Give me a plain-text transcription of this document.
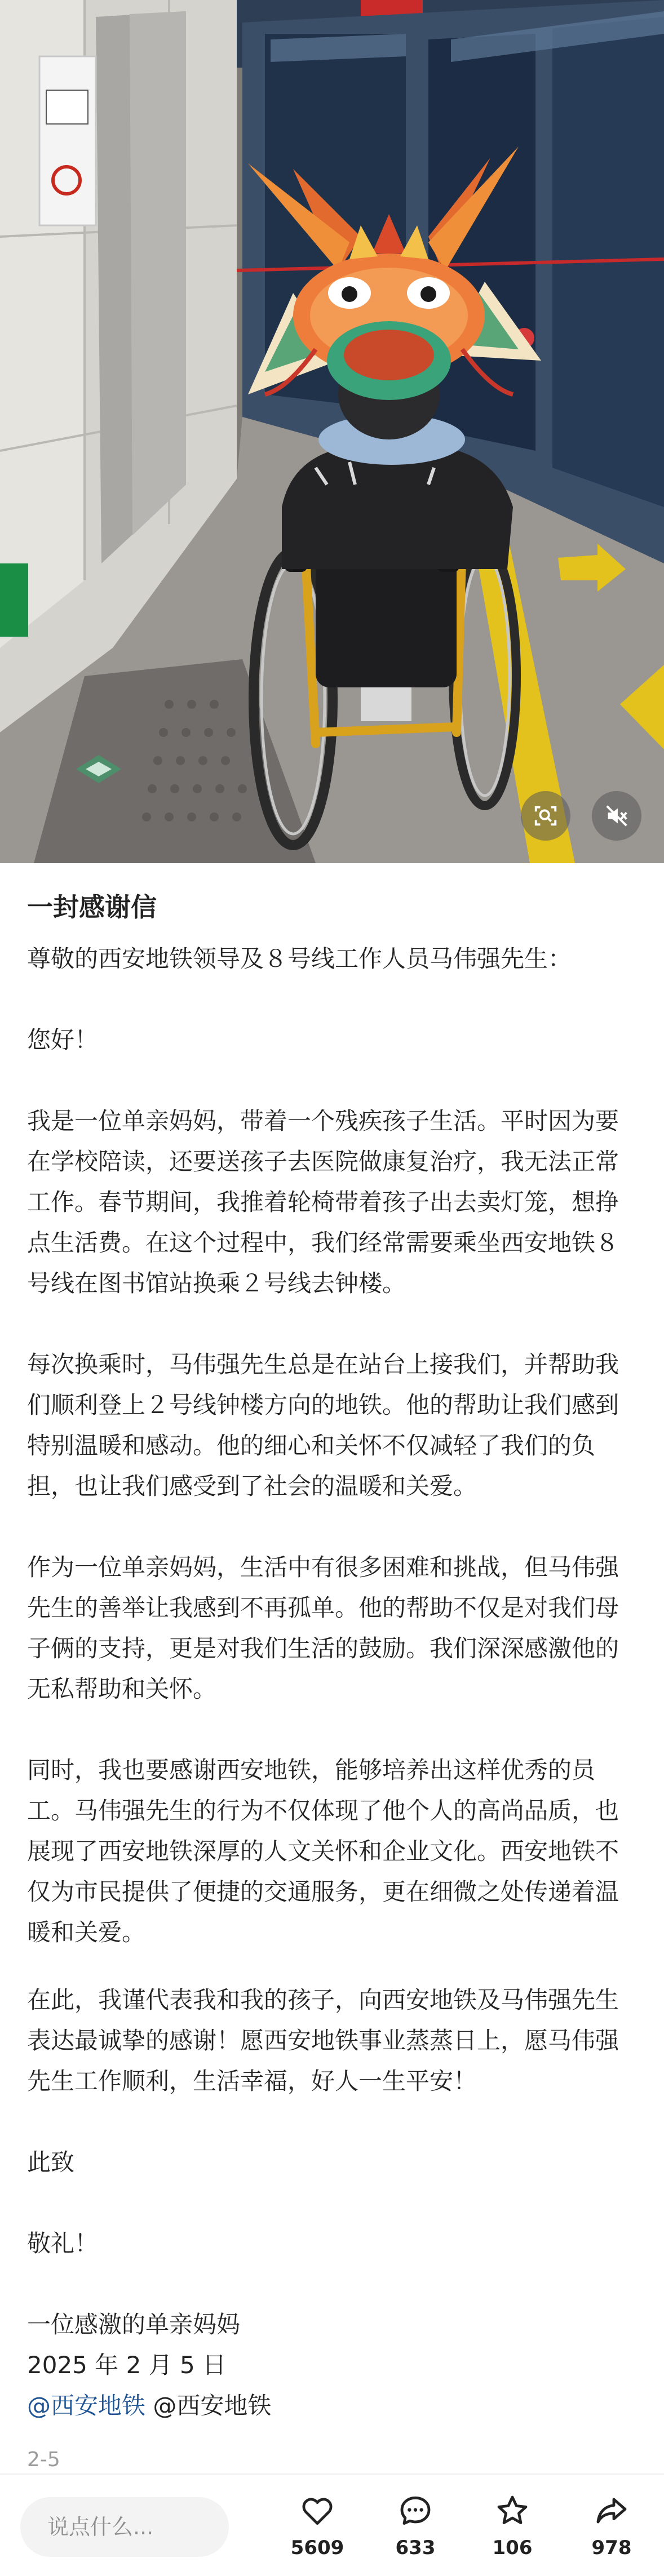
一封感谢信

尊敬的西安地铁领导及８号线工作人员马伟强先生：

您好！

我是一位单亲妈妈，带着一个残疾孩子生活。平时因为要在学校陪读，还要送孩子去医院做康复治疗，我无法正常工作。春节期间，我推着轮椅带着孩子出去卖灯笼，想挣点生活费。在这个过程中，我们经常需要乘坐西安地铁８号线在图书馆站换乘２号线去钟楼。

每次换乘时，马伟强先生总是在站台上接我们，并帮助我们顺利登上２号线钟楼方向的地铁。他的帮助让我们感到特别温暖和感动。他的细心和关怀不仅减轻了我们的负担，也让我们感受到了社会的温暖和关爱。

作为一位单亲妈妈，生活中有很多困难和挑战，但马伟强先生的善举让我感到不再孤单。他的帮助不仅是对我们母子俩的支持，更是对我们生活的鼓励。我们深深感激他的无私帮助和关怀。

同时，我也要感谢西安地铁，能够培养出这样优秀的员工。马伟强先生的行为不仅体现了他个人的高尚品质，也展现了西安地铁深厚的人文关怀和企业文化。西安地铁不仅为市民提供了便捷的交通服务，更在细微之处传递着温暖和关爱。

在此，我谨代表我和我的孩子，向西安地铁及马伟强先生表达最诚挚的感谢！愿西安地铁事业蒸蒸日上，愿马伟强先生工作顺利，生活幸福，好人一生平安！

此致

敬礼！

一位感激的单亲妈妈

2025 年 2 月 5 日

@西安地铁 @西安地铁

2-5
说点什么...
5609	633	106	978
